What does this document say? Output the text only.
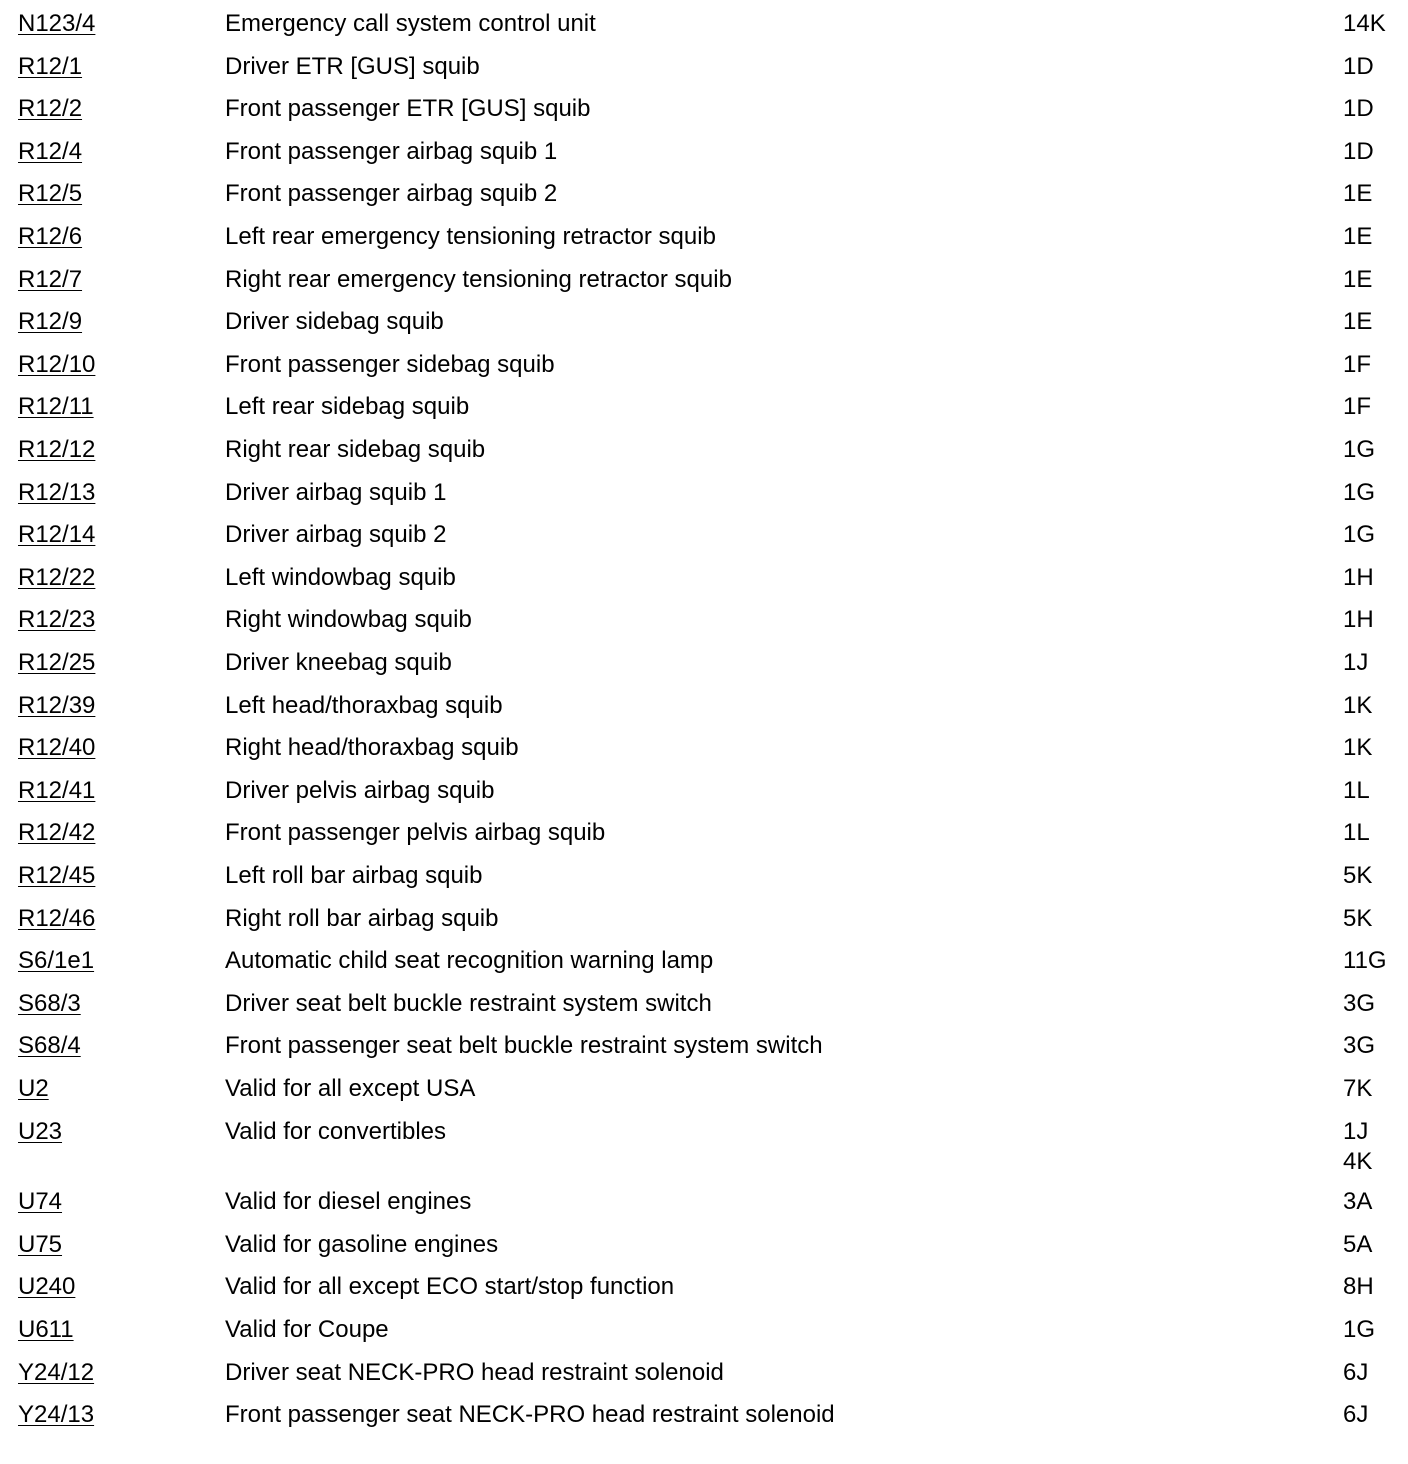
N123/4	Emergency call system control unit	14K
R12/1	Driver ETR [GUS] squib	1D
R12/2	Front passenger ETR [GUS] squib	1D
R12/4	Front passenger airbag squib 1	1D
R12/5	Front passenger airbag squib 2	1E
R12/6	Left rear emergency tensioning retractor squib	1E
R12/7	Right rear emergency tensioning retractor squib	1E
R12/9	Driver sidebag squib	1E
R12/10	Front passenger sidebag squib	1F
R12/11	Left rear sidebag squib	1F
R12/12	Right rear sidebag squib	1G
R12/13	Driver airbag squib 1	1G
R12/14	Driver airbag squib 2	1G
R12/22	Left windowbag squib	1H
R12/23	Right windowbag squib	1H
R12/25	Driver kneebag squib	1J
R12/39	Left head/thoraxbag squib	1K
R12/40	Right head/thoraxbag squib	1K
R12/41	Driver pelvis airbag squib	1L
R12/42	Front passenger pelvis airbag squib	1L
R12/45	Left roll bar airbag squib	5K
R12/46	Right roll bar airbag squib	5K
S6/1e1	Automatic child seat recognition warning lamp	11G
S68/3	Driver seat belt buckle restraint system switch	3G
S68/4	Front passenger seat belt buckle restraint system switch	3G
U2	Valid for all except USA	7K
U23	Valid for convertibles	1J
4K
U74	Valid for diesel engines	3A
U75	Valid for gasoline engines	5A
U240	Valid for all except ECO start/stop function	8H
U611	Valid for Coupe	1G
Y24/12	Driver seat NECK-PRO head restraint solenoid	6J
Y24/13	Front passenger seat NECK-PRO head restraint solenoid	6J
